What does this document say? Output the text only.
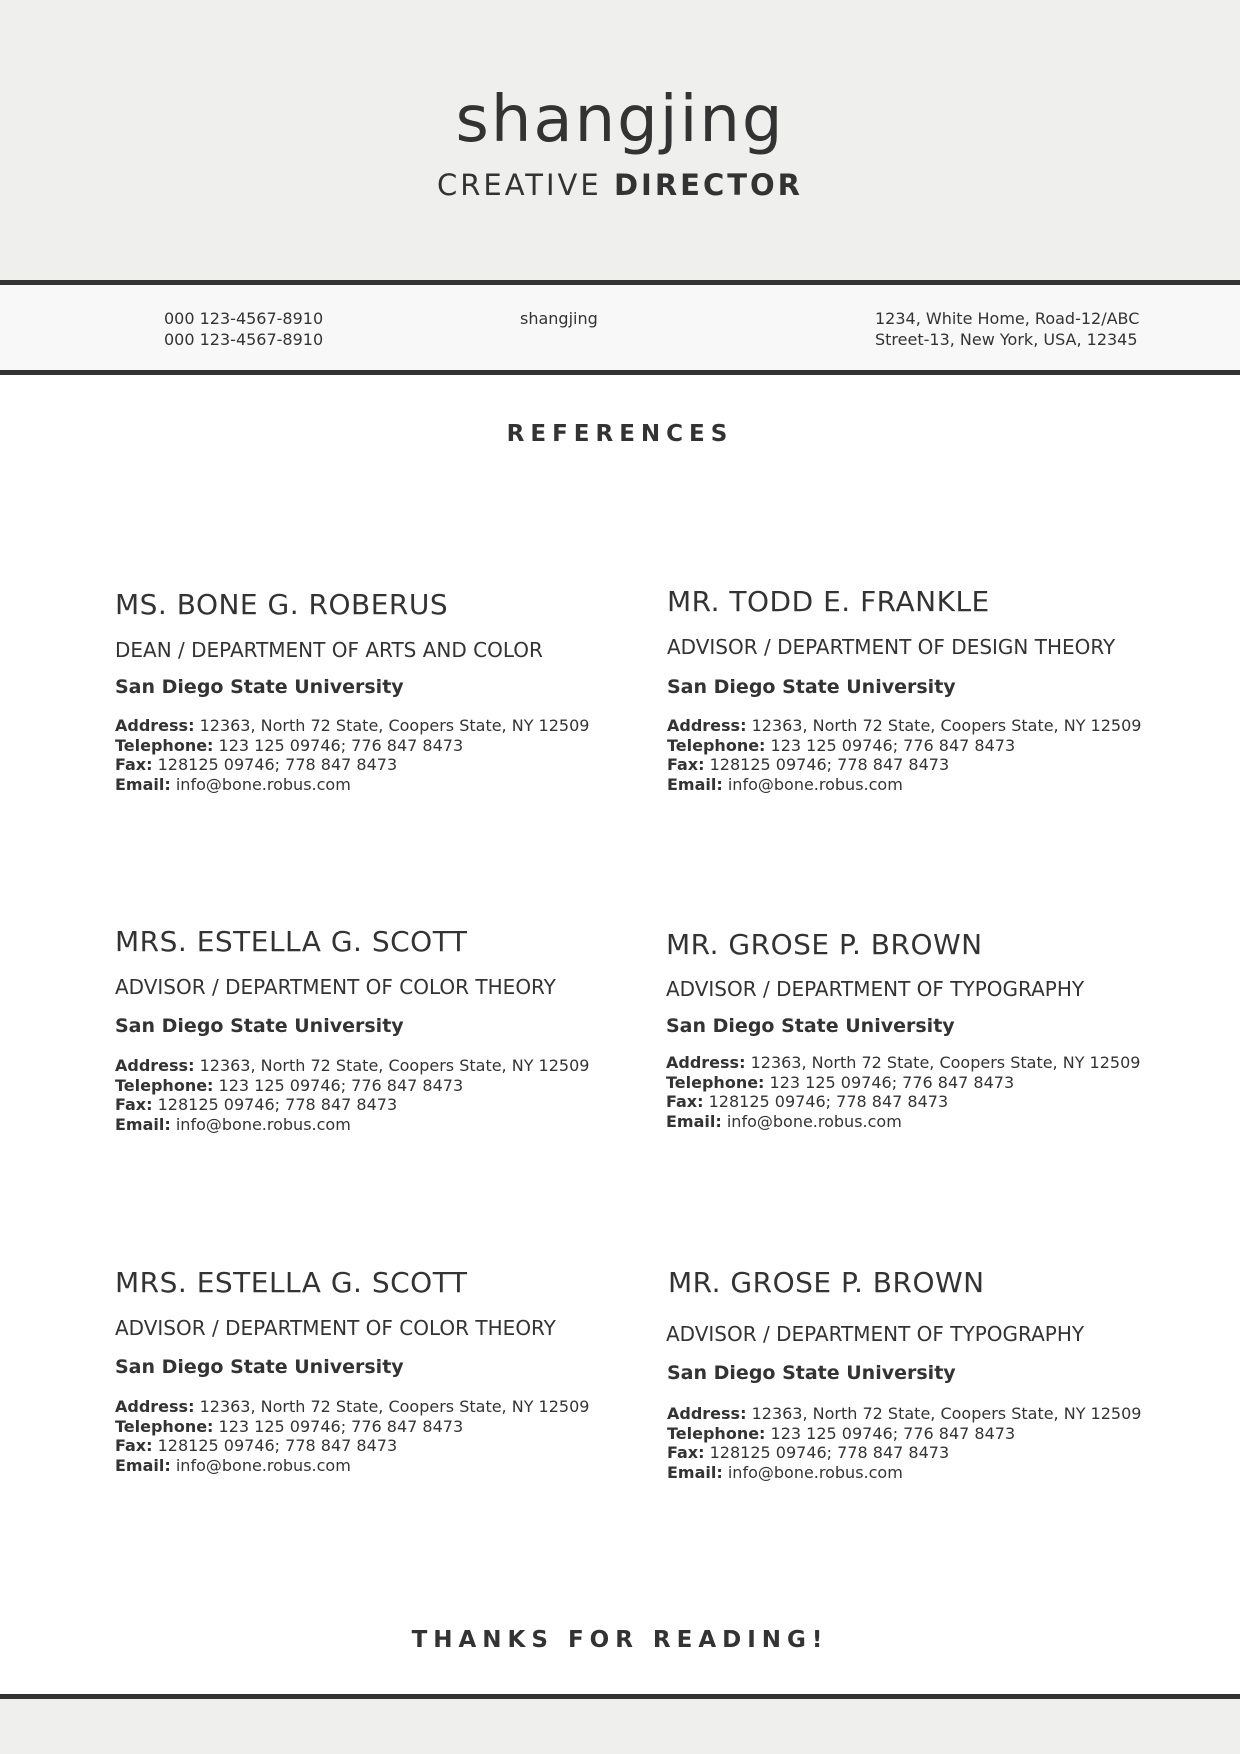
shangjing
CREATIVE DIRECTOR
000 123-4567-8910
000 123-4567-8910
shangjing	1234, White Home, Road-12/ABC
Street-13, New York, USA, 12345
REFERENCES
MS. BONE G. ROBERUS
DEAN / DEPARTMENT OF ARTS AND COLOR
San Diego State University
Address: 12363, North 72 State, Coopers State, NY 12509
Telephone: 123 125 09746; 776 847 8473
Fax: 128125 09746; 778 847 8473
Email: info@bone.robus.com
MR. TODD E. FRANKLE
ADVISOR / DEPARTMENT OF DESIGN THEORY
San Diego State University
Address: 12363, North 72 State, Coopers State, NY 12509
Telephone: 123 125 09746; 776 847 8473
Fax: 128125 09746; 778 847 8473
Email: info@bone.robus.com
MRS. ESTELLA G. SCOTT
ADVISOR / DEPARTMENT OF COLOR THEORY
San Diego State University
Address: 12363, North 72 State, Coopers State, NY 12509
Telephone: 123 125 09746; 776 847 8473
Fax: 128125 09746; 778 847 8473
Email: info@bone.robus.com
MR. GROSE P. BROWN
ADVISOR / DEPARTMENT OF TYPOGRAPHY
San Diego State University
Address: 12363, North 72 State, Coopers State, NY 12509
Telephone: 123 125 09746; 776 847 8473
Fax: 128125 09746; 778 847 8473
Email: info@bone.robus.com
MRS. ESTELLA G. SCOTT
ADVISOR / DEPARTMENT OF COLOR THEORY
San Diego State University
Address: 12363, North 72 State, Coopers State, NY 12509
Telephone: 123 125 09746; 776 847 8473
Fax: 128125 09746; 778 847 8473
Email: info@bone.robus.com
MR. GROSE P. BROWN
ADVISOR / DEPARTMENT OF TYPOGRAPHY
San Diego State University
Address: 12363, North 72 State, Coopers State, NY 12509
Telephone: 123 125 09746; 776 847 8473
Fax: 128125 09746; 778 847 8473
Email: info@bone.robus.com
THANKS FOR READING!
